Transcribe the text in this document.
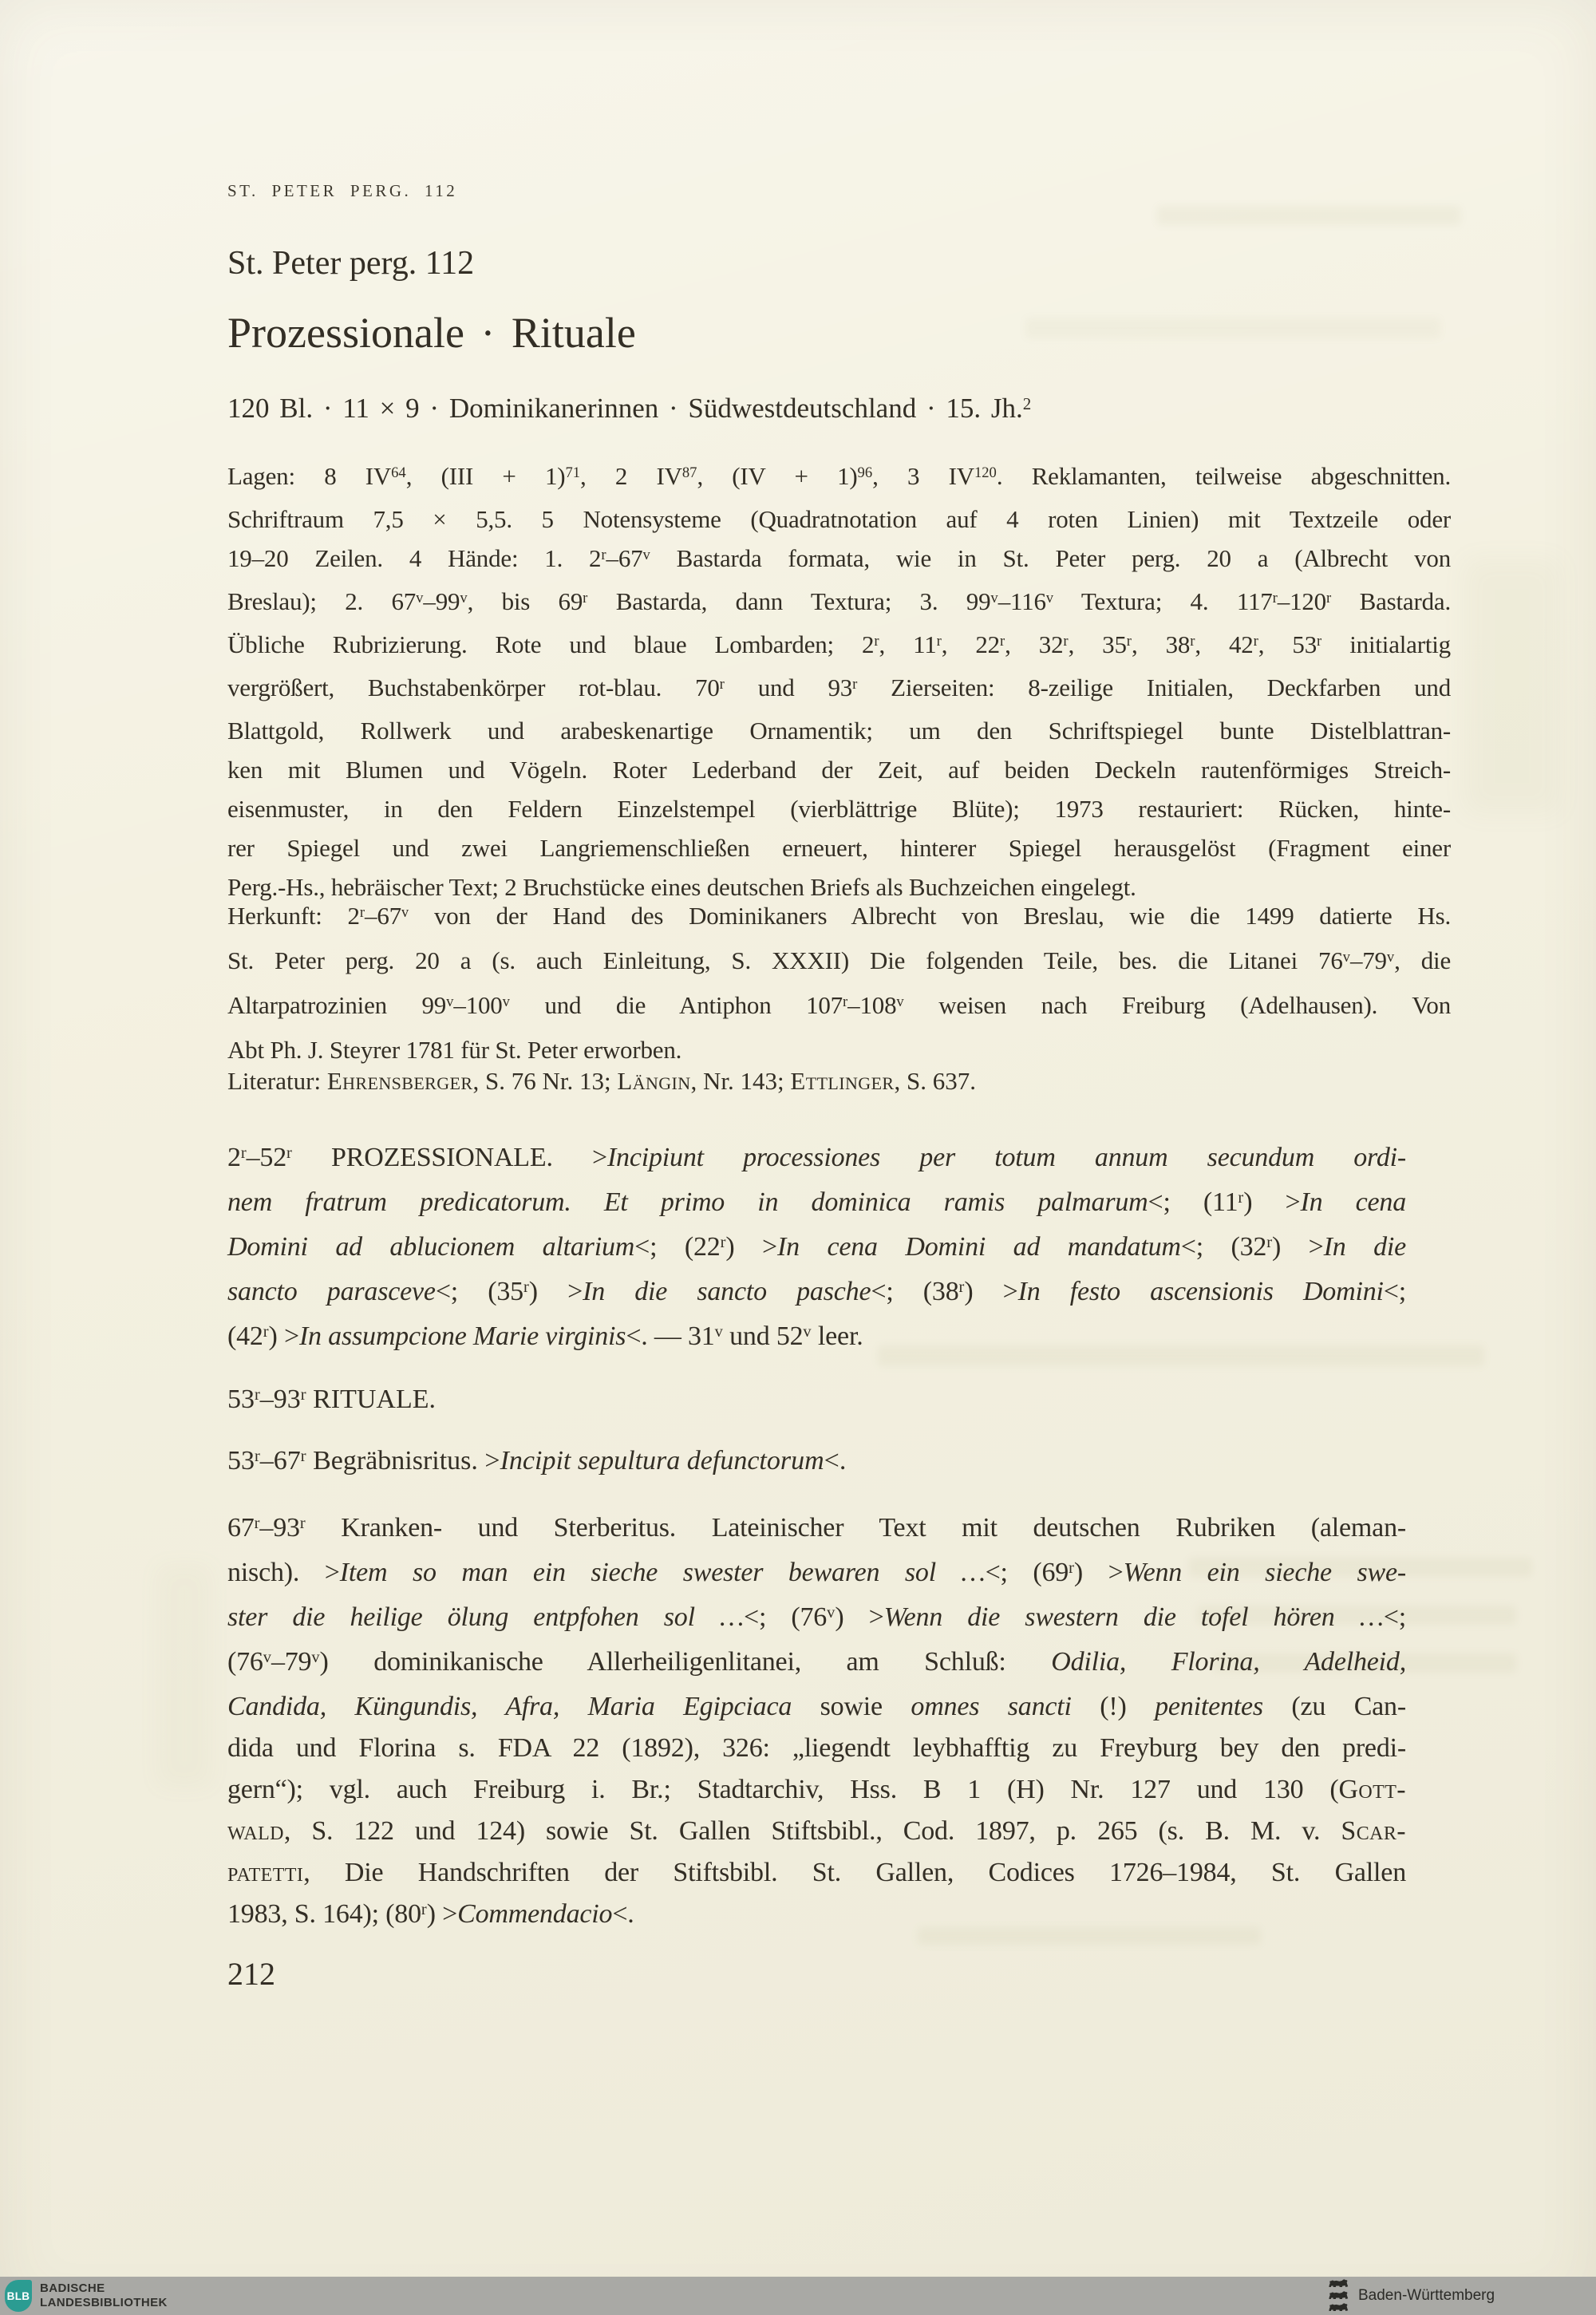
ST. PETER PERG. 112
St. Peter perg. 112
Prozessionale · Rituale
120 Bl. · 11 × 9 · Dominikanerinnen · Südwestdeutschland · 15. Jh.$^2$
Lagen: 8 IV$^{64}$, (III + 1)$^{71}$, 2 IV$^{87}$, (IV + 1)$^{96}$, 3 IV$^{120}$. Reklamanten, teilweise abgeschnitten.
Schriftraum 7,5 × 5,5. 5 Notensysteme (Quadratnotation auf 4 roten Linien) mit Textzeile oder
19–20 Zeilen. 4 Hände: 1. 2$^r$–67$^v$ Bastarda formata, wie in St. Peter perg. 20 a (Albrecht von
Breslau); 2. 67$^v$–99$^v$, bis 69$^r$ Bastarda, dann Textura; 3. 99$^v$–116$^v$ Textura; 4. 117$^r$–120$^r$ Bastarda.
Übliche Rubrizierung. Rote und blaue Lombarden; 2$^r$, 11$^r$, 22$^r$, 32$^r$, 35$^r$, 38$^r$, 42$^r$, 53$^r$ initialartig
vergrößert, Buchstabenkörper rot-blau. 70$^r$ und 93$^r$ Zierseiten: 8-zeilige Initialen, Deckfarben und
Blattgold, Rollwerk und arabeskenartige Ornamentik; um den Schriftspiegel bunte Distelblattran-
ken mit Blumen und Vögeln. Roter Lederband der Zeit, auf beiden Deckeln rautenförmiges Streich-
eisenmuster, in den Feldern Einzelstempel (vierblättrige Blüte); 1973 restauriert: Rücken, hinte-
rer Spiegel und zwei Langriemenschließen erneuert, hinterer Spiegel herausgelöst (Fragment einer
Perg.-Hs., hebräischer Text; 2 Bruchstücke eines deutschen Briefs als Buchzeichen eingelegt.
Herkunft: 2$^r$–67$^v$ von der Hand des Dominikaners Albrecht von Breslau, wie die 1499 datierte Hs.
St. Peter perg. 20 a (s. auch Einleitung, S. XXXII) Die folgenden Teile, bes. die Litanei 76$^v$–79$^v$, die
Altarpatrozinien 99$^v$–100$^v$ und die Antiphon 107$^r$–108$^v$ weisen nach Freiburg (Adelhausen). Von
Abt Ph. J. Steyrer 1781 für St. Peter erworben.
Literatur: Ehrensberger, S. 76 Nr. 13; Längin, Nr. 143; Ettlinger, S. 637.
2$^r$–52$^r$ PROZESSIONALE. >Incipiunt processiones per totum annum secundum ordi-
nem fratrum predicatorum. Et primo in dominica ramis palmarum<; $(11^r) >In$ cena
Domini ad ablucionem altarium<; $(22^r) >In$ cena Domini ad mandatum<; $(32^r) >In$ die
sancto parasceve<; $(35^r) >In$ die sancto pasche<; $(38^r) >In$ festo ascensionis Domini<;
$(42^r) >In$ assumpcione Marie virginis<. — 31$^v$ und 52$^v$ leer.
53$^r$–93$^r$ RITUALE.
53$^r$–67$^r$ Begräbnisritus. >Incipit sepultura defunctorum<.
67$^r$–93$^r$ Kranken- und Sterberitus. Lateinischer Text mit deutschen Rubriken (aleman-
nisch). >Item so man ein sieche swester bewaren sol …<; $(69^r)$ >Wenn ein sieche swe-
ster die heilige ölung entpfohen sol …<; $(76^v)$ >Wenn die swestern die tofel hören …<;
(76$^v$–79$^v$) dominikanische Allerheiligenlitanei, am Schluß: Odilia, Florina, Adelheid,
Candida, Küngundis, Afra, Maria Egipciaca sowie omnes sancti (!) penitentes (zu Can-
dida und Florina s. FDA 22 (1892), 326: „liegendt leybhafftig zu Freyburg bey den predi-
gern“); vgl. auch Freiburg i. Br.; Stadtarchiv, Hss. B 1 (H) Nr. 127 und 130 (Gott-
wald, S. 122 und 124) sowie St. Gallen Stiftsbibl., Cod. 1897, p. 265 (s. B. M. v. Scar-
patetti, Die Handschriften der Stiftsbibl. St. Gallen, Codices 1726–1984, St. Gallen
1983, S. 164); $(80^r)$ >Commendacio<.
212
BLB
BADISCHE
LANDESBIBLIOTHEK	Baden-Württemberg
